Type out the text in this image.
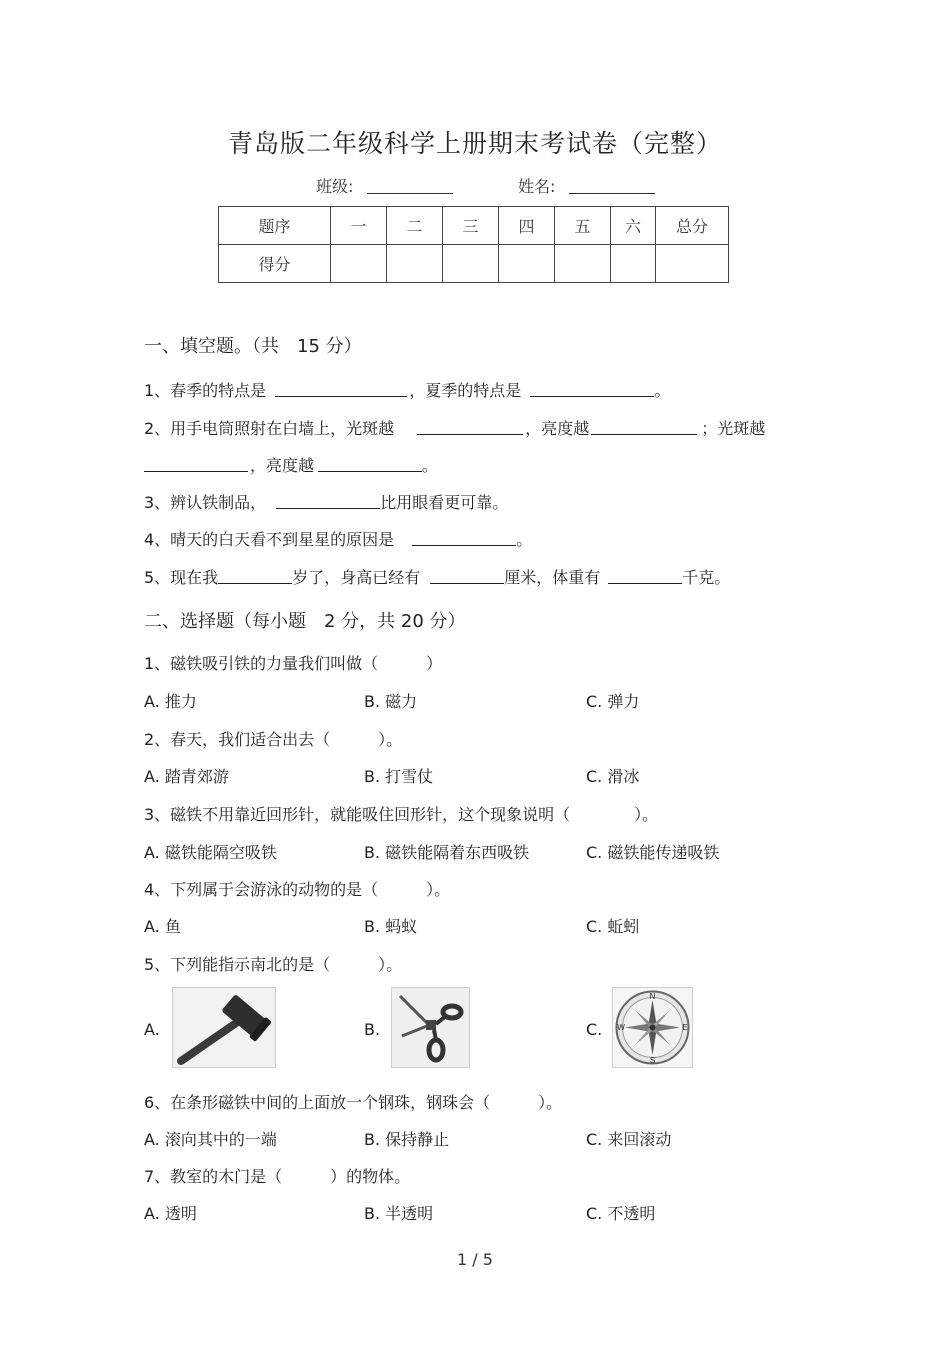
青岛版二年级科学上册期末考试卷（完整）
班级:	姓名:
题序	一	二	三	四	五	六	总分
得分							
一、填空题。（共　15 分）
1、春季的特点是	，夏季的特点是	。
2、用手电筒照射在白墙上，光斑越	，亮度越	；光斑越
，亮度越	。
3、辨认铁制品，	比用眼看更可靠。
4、晴天的白天看不到星星的原因是	。
5、现在我	岁了，身高已经有	厘米，体重有	千克。
二、选择题（每小题　2 分，共 20 分）
1、磁铁吸引铁的力量我们叫做（　　　）
A. 推力	B. 磁力	C. 弹力
2、春天，我们适合出去（　　　）。
A. 踏青郊游	B. 打雪仗	C. 滑冰
3、磁铁不用靠近回形针，就能吸住回形针，这个现象说明（　　　　）。
A. 磁铁能隔空吸铁	B. 磁铁能隔着东西吸铁	C. 磁铁能传递吸铁
4、下列属于会游泳的动物的是（　　　）。
A. 鱼	B. 蚂蚁	C. 蚯蚓
5、下列能指示南北的是（　　　）。
A.	B.	C.
N
S
E
W
6、在条形磁铁中间的上面放一个钢珠，钢珠会（　　　）。
A. 滚向其中的一端	B. 保持静止	C. 来回滚动
7、教室的木门是（　　　）的物体。
A. 透明	B. 半透明	C. 不透明
1 / 5
